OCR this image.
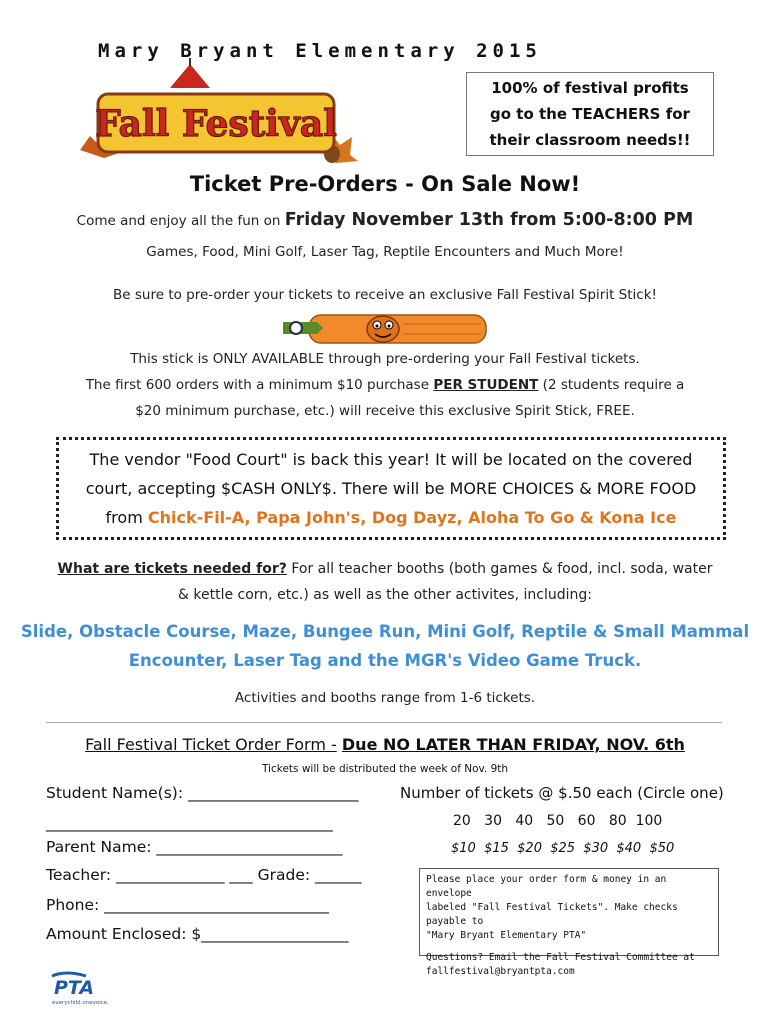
Mary Bryant Elementary 2015
Fall Festival
100% of festival profits
go to the TEACHERS for
their classroom needs!!
Ticket Pre-Orders - On Sale Now!
Come and enjoy all the fun on Friday November 13th from 5:00-8:00 PM
Games, Food, Mini Golf, Laser Tag, Reptile Encounters and Much More!
Be sure to pre-order your tickets to receive an exclusive Fall Festival Spirit Stick!
This stick is ONLY AVAILABLE through pre-ordering your Fall Festival tickets.
The first 600 orders with a minimum $10 purchase PER STUDENT (2 students require a
$20 minimum purchase, etc.) will receive this exclusive Spirit Stick, FREE.
The vendor "Food Court" is back this year! It will be located on the covered
court, accepting $CASH ONLY$. There will be MORE CHOICES & MORE FOOD
from Chick-Fil-A, Papa John's, Dog Dayz, Aloha To Go & Kona Ice
What are tickets needed for? For all teacher booths (both games & food, incl. soda, water
& kettle corn, etc.) as well as the other activites, including:
Slide, Obstacle Course, Maze, Bungee Run, Mini Golf, Reptile & Small Mammal
Encounter, Laser Tag and the MGR's Video Game Truck.
Activities and booths range from 1-6 tickets.
Fall Festival Ticket Order Form - Due NO LATER THAN FRIDAY, NOV. 6th
Tickets will be distributed the week of Nov. 9th
Student Name(s): ______________________
_____________________________________
Parent Name: ________________________
Teacher: ______________ ___ Grade: ______
Phone: _____________________________
Amount Enclosed: $___________________
Number of tickets @ $.50 each (Circle one)
20   30   40   50   60   80  100
$10  $15  $20  $25  $30  $40  $50
Please place your order form & money in an envelope
labeled "Fall Festival Tickets". Make checks payable to
"Mary Bryant Elementary PTA"
Questions? Email the Fall Festival Committee at
fallfestival@bryantpta.com
PTA
everychild.onevoice.
